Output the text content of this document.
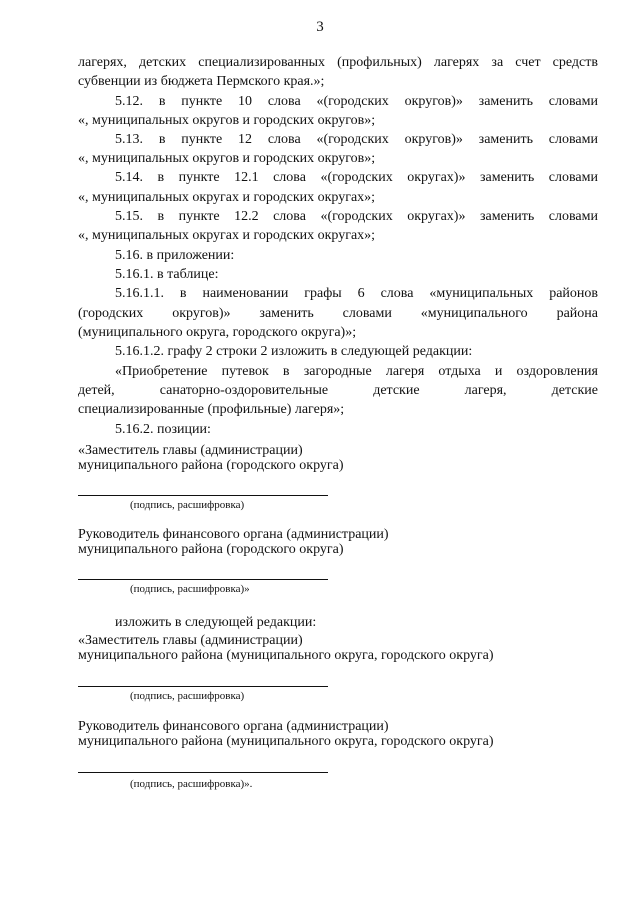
3
лагерях, детских специализированных (профильных) лагерях за счет средств
субвенции из бюджета Пермского края.»;
5.12. в пункте 10 слова «(городских округов)» заменить словами
«, муниципальных округов и городских округов»;
5.13. в пункте 12 слова «(городских округов)» заменить словами
«, муниципальных округов и городских округов»;
5.14. в пункте 12.1 слова «(городских округах)» заменить словами
«, муниципальных округах и городских округах»;
5.15. в пункте 12.2 слова «(городских округах)» заменить словами
«, муниципальных округах и городских округах»;
5.16. в приложении:
5.16.1. в таблице:
5.16.1.1. в наименовании графы 6 слова «муниципальных районов
(городских округов)» заменить словами «муниципального района
(муниципального округа, городского округа)»;
5.16.1.2. графу 2 строки 2 изложить в следующей редакции:
«Приобретение путевок в загородные лагеря отдыха и оздоровления
детей, санаторно-оздоровительные детские лагеря, детские
специализированные (профильные) лагеря»;
5.16.2. позиции:
«Заместитель главы (администрации)
муниципального района (городского округа)
(подпись, расшифровка)
Руководитель финансового органа (администрации)
муниципального района (городского округа)
(подпись, расшифровка)»
изложить в следующей редакции:
«Заместитель главы (администрации)
муниципального района (муниципального округа, городского округа)
(подпись, расшифровка)
Руководитель финансового органа (администрации)
муниципального района (муниципального округа, городского округа)
(подпись, расшифровка)».
